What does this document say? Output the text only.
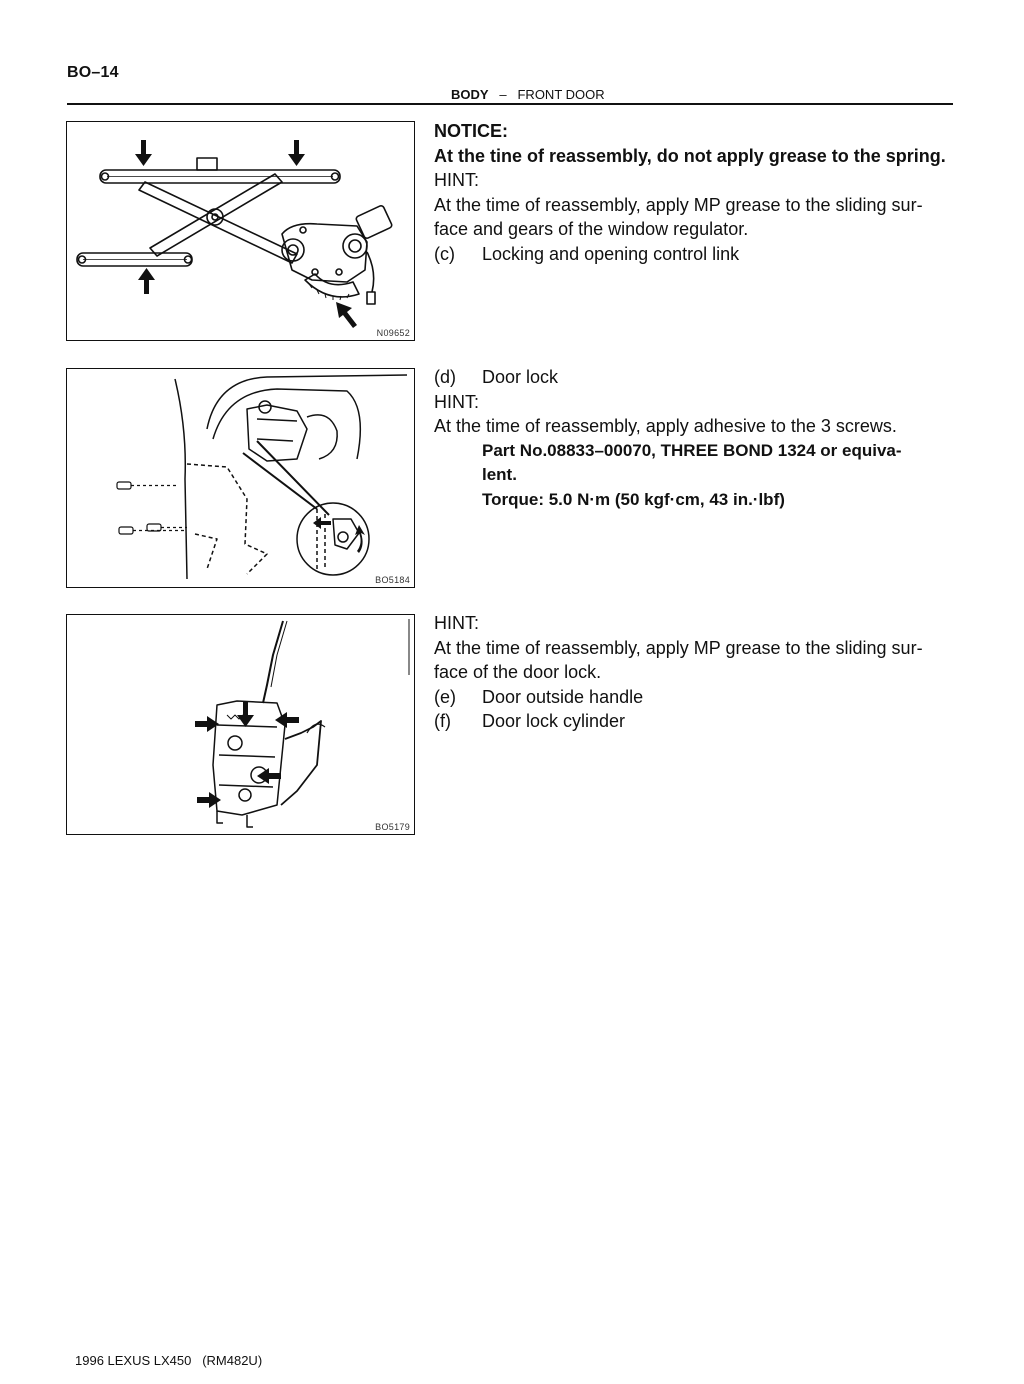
BO–14
BODY – FRONT DOOR
N09652
BO5184
BO5179
NOTICE:
At the tine of reassembly, do not apply grease to the spring.
HINT:
At the time of reassembly, apply MP grease to the sliding sur-
face and gears of the window regulator.
(c)	Locking and opening control link
(d)	Door lock
HINT:
At the time of reassembly, apply adhesive to the 3 screws.
Part No.08833–00070, THREE BOND 1324 or equiva-
lent.
Torque: 5.0 N·m (50 kgf·cm, 43 in.·lbf)
HINT:
At the time of reassembly, apply MP grease to the sliding sur-
face of the door lock.
(e)	Door outside handle
(f)	Door lock cylinder
1996 LEXUS LX450   (RM482U)
